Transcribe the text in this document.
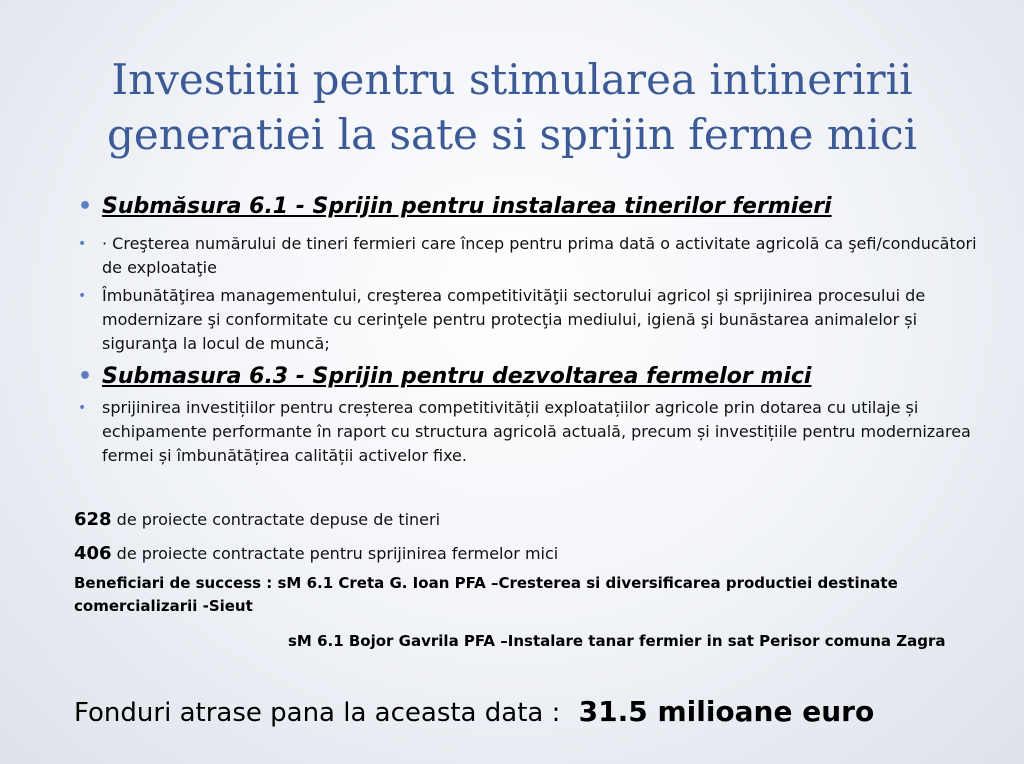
Investitii pentru stimularea intineririi
generatiei la sate si sprijin ferme mici
• Submăsura 6.1 - Sprijin pentru instalarea tinerilor fermieri
• · Creşterea numărului de tineri fermieri care încep pentru prima dată o activitate agricolă ca şefi/conducători de exploataţie
• Îmbunătăţirea managementului, creşterea competitivităţii sectorului agricol şi sprijinirea procesului de modernizare şi conformitate cu cerinţele pentru protecţia mediului, igienă şi bunăstarea animalelor și siguranţa la locul de muncă;
• Submasura 6.3 - Sprijin pentru dezvoltarea fermelor mici
• sprijinirea investițiilor pentru creșterea competitivității exploatațiilor agricole prin dotarea cu utilaje și echipamente performante în raport cu structura agricolă actuală, precum și investițiile pentru modernizarea fermei și îmbunătățirea calității activelor fixe.
628 de proiecte contractate depuse de tineri
406 de proiecte contractate pentru sprijinirea fermelor mici
Beneficiari de success : sM 6.1 Creta G. Ioan PFA –Cresterea si diversificarea productiei destinate comercializarii -Sieut
sM 6.1 Bojor Gavrila PFA –Instalare tanar fermier in sat Perisor comuna Zagra
Fonduri atrase pana la aceasta data : 31.5 milioane euro
